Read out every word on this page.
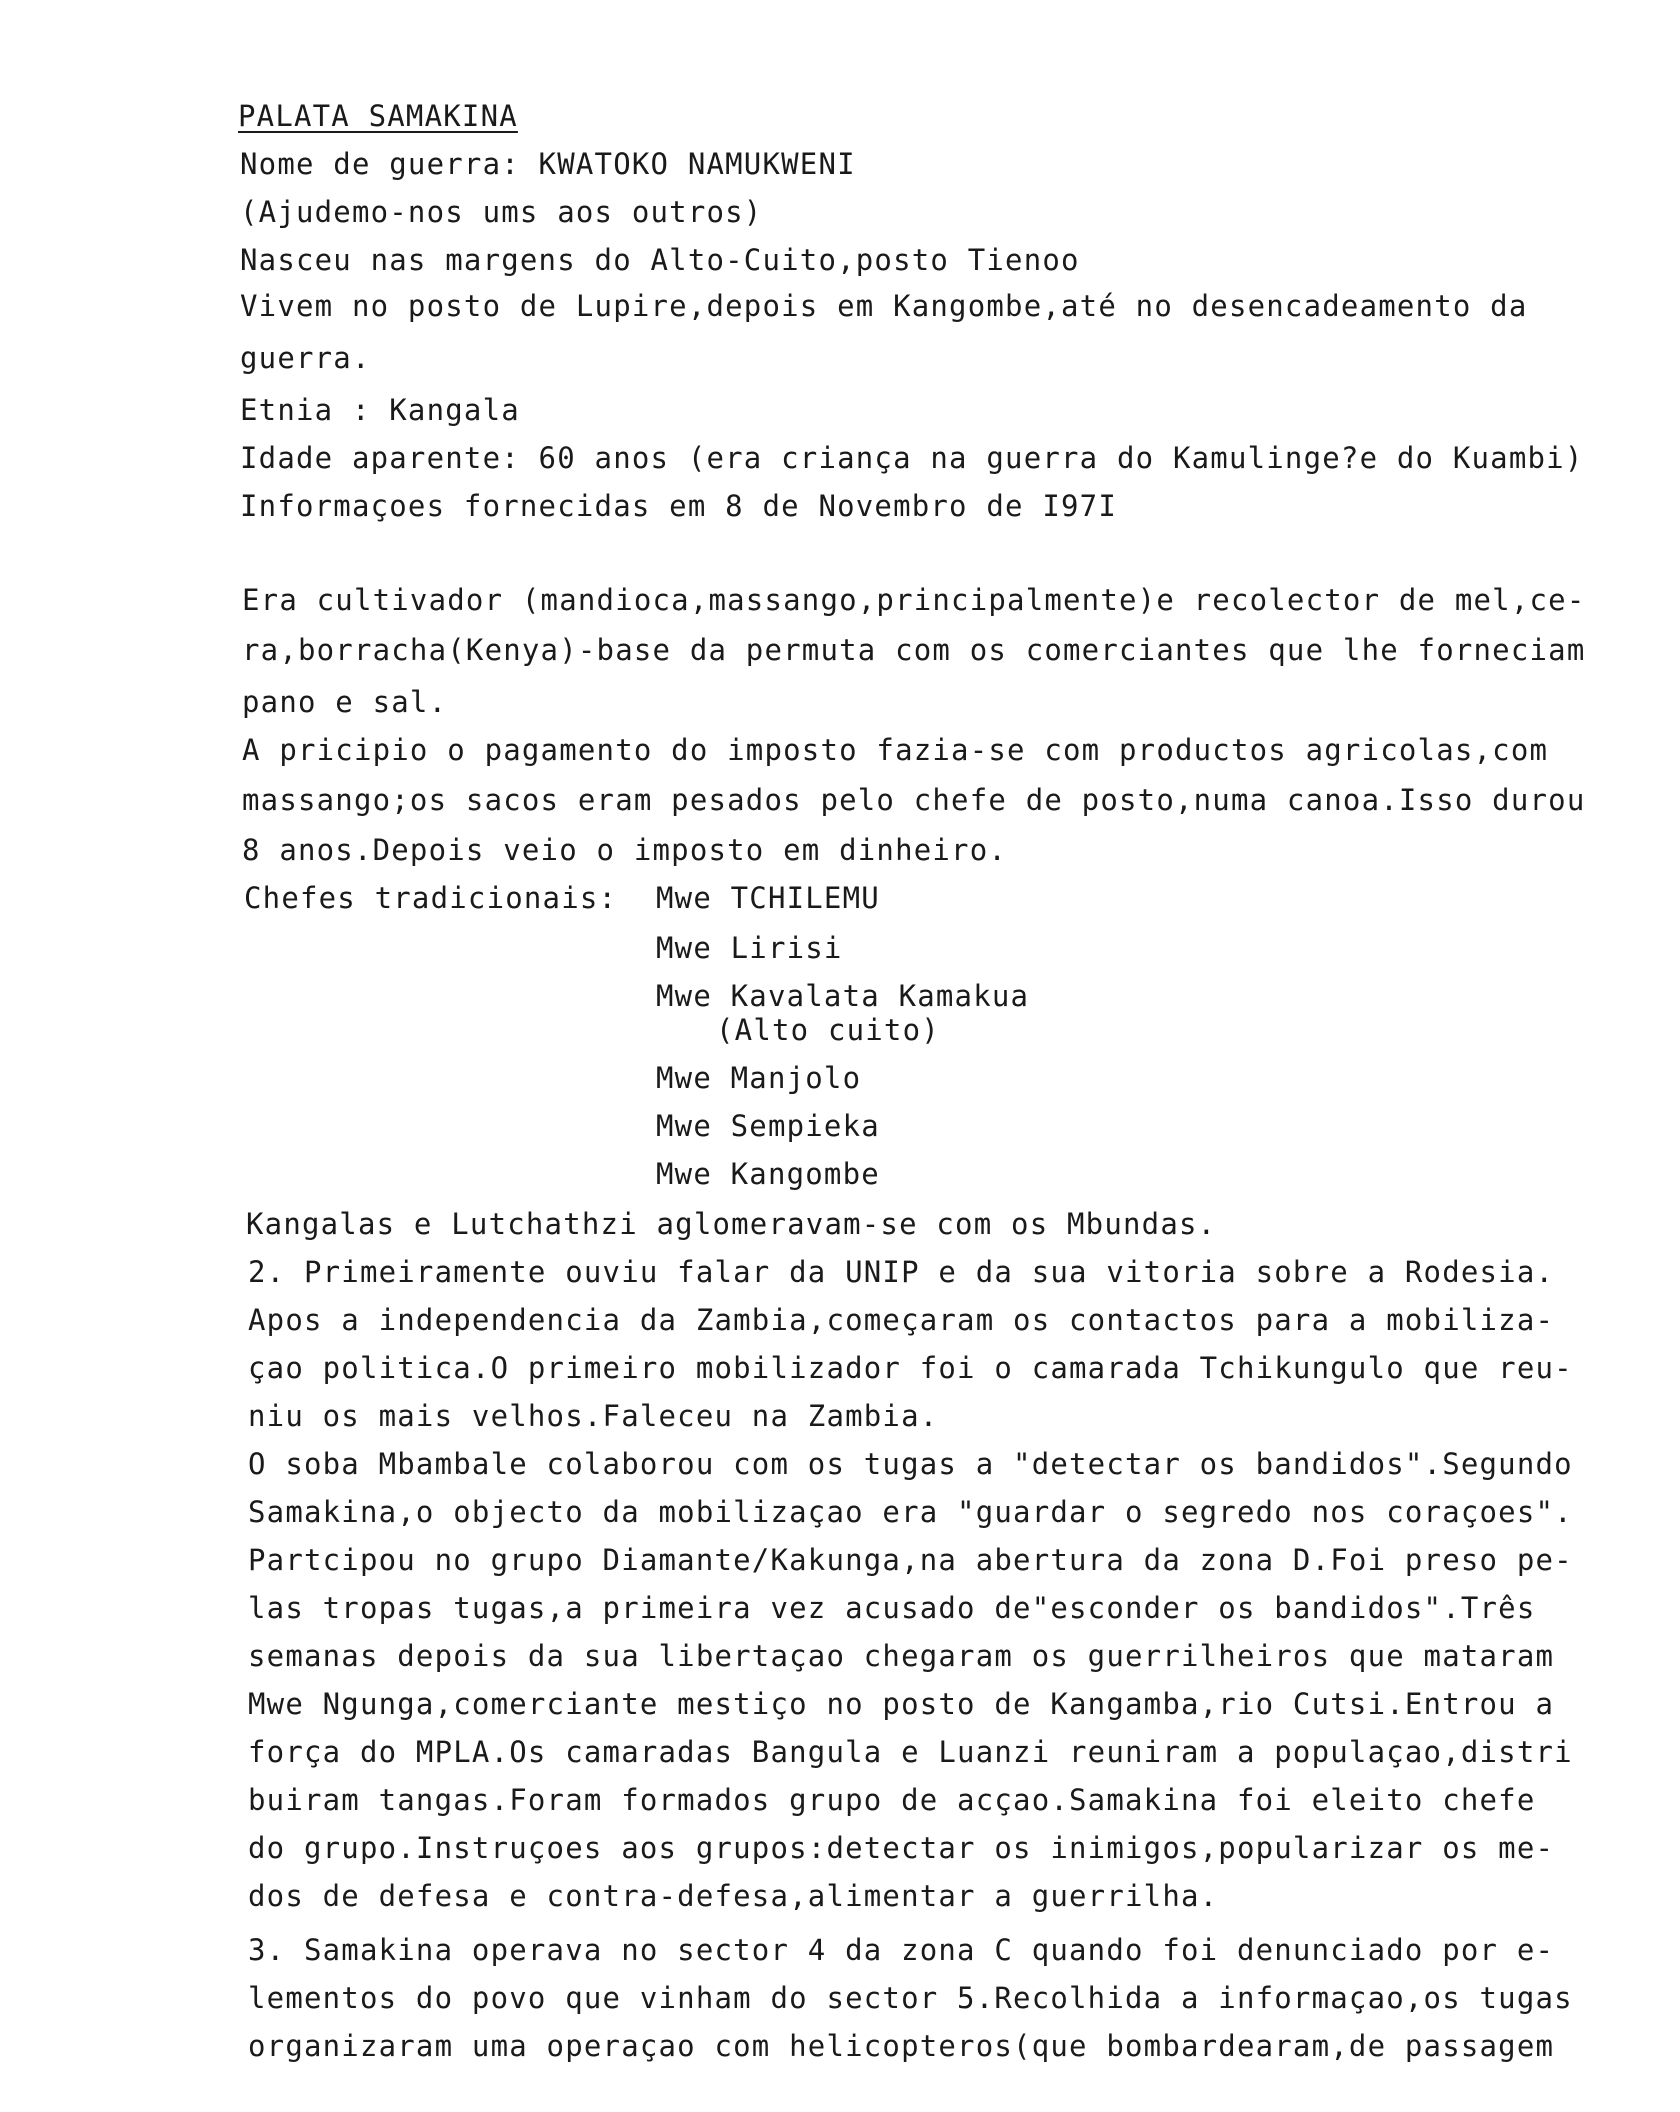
PALATA SAMAKINA
Nome de guerra: KWATOKO NAMUKWENI
(Ajudemo-nos ums aos outros)
Nasceu nas margens do Alto-Cuito,posto Tienoo
Vivem no posto de Lupire,depois em Kangombe,até no desencadeamento da
guerra.
Etnia : Kangala
Idade aparente: 60 anos (era criança na guerra do Kamulinge?e do Kuambi)
Informaçoes fornecidas em 8 de Novembro de I97I
Era cultivador (mandioca,massango,principalmente)e recolector de mel,ce-
ra,borracha(Kenya)-base da permuta com os comerciantes que lhe forneciam
pano e sal.
A pricipio o pagamento do imposto fazia-se com productos agricolas,com
massango;os sacos eram pesados pelo chefe de posto,numa canoa.Isso durou
8 anos.Depois veio o imposto em dinheiro.
Chefes tradicionais: Mwe TCHILEMU
Mwe Lirisi
Mwe Kavalata Kamakua
(Alto cuito)
Mwe Manjolo
Mwe Sempieka
Mwe Kangombe
Kangalas e Lutchathzi aglomeravam-se com os Mbundas.
2. Primeiramente ouviu falar da UNIP e da sua vitoria sobre a Rodesia.
Apos a independencia da Zambia,começaram os contactos para a mobiliza-
çao politica.O primeiro mobilizador foi o camarada Tchikungulo que reu-
niu os mais velhos.Faleceu na Zambia.
O soba Mbambale colaborou com os tugas a "detectar os bandidos".Segundo
Samakina,o objecto da mobilizaçao era "guardar o segredo nos coraçoes".
Partcipou no grupo Diamante/Kakunga,na abertura da zona D.Foi preso pe-
las tropas tugas,a primeira vez acusado de"esconder os bandidos".Três
semanas depois da sua libertaçao chegaram os guerrilheiros que mataram
Mwe Ngunga,comerciante mestiço no posto de Kangamba,rio Cutsi.Entrou a
força do MPLA.Os camaradas Bangula e Luanzi reuniram a populaçao,distri
buiram tangas.Foram formados grupo de acçao.Samakina foi eleito chefe
do grupo.Instruçoes aos grupos:detectar os inimigos,popularizar os me-
dos de defesa e contra-defesa,alimentar a guerrilha.
3. Samakina operava no sector 4 da zona C quando foi denunciado por e-
lementos do povo que vinham do sector 5.Recolhida a informaçao,os tugas
organizaram uma operaçao com helicopteros(que bombardearam,de passagem
